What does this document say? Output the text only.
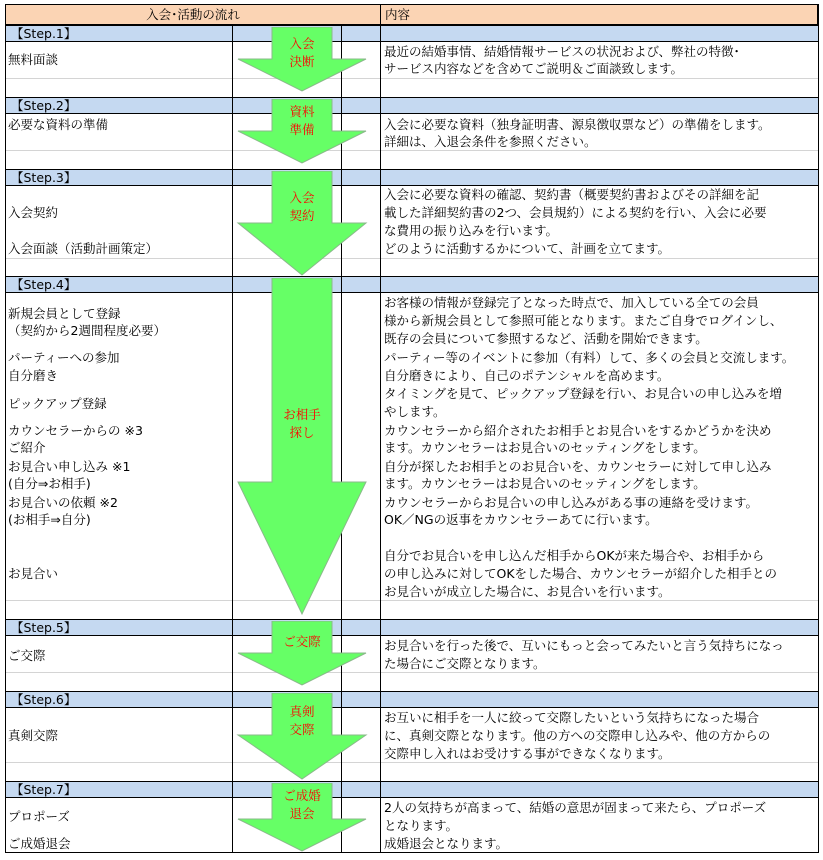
入会･活動の流れ	内容
【Step.1】
【Step.2】
【Step.3】
【Step.4】
【Step.5】
【Step.6】
【Step.7】
入会
決断
資料
準備
入会
契約
お相手
探し
ご交際
真剣
交際
ご成婚
退会
無料面談
必要な資料の準備
入会契約
入会面談（活動計画策定）
新規会員として登録
（契約から2週間程度必要）
パーティーへの参加
自分磨き
ピックアップ登録
カウンセラーからの ※3
ご紹介
お見合い申し込み ※1
(自分⇒お相手)
お見合いの依頼 ※2
(お相手⇒自分)
お見合い
ご交際
真剣交際
プロポーズ
ご成婚退会
最近の結婚事情、結婚情報サービスの状況および、弊社の特徴･
サービス内容などを含めてご説明＆ご面談致します。
入会に必要な資料（独身証明書、源泉徴収票など）の準備をします。
詳細は、入退会条件を参照ください。
入会に必要な資料の確認、契約書（概要契約書およびその詳細を記
載した詳細契約書の2つ、会員規約）による契約を行い、入会に必要
な費用の振り込みを行います。
どのように活動するかについて、計画を立てます。
お客様の情報が登録完了となった時点で、加入している全ての会員
様から新規会員として参照可能となります。またご自身でログインし、
既存の会員について参照するなど、活動を開始できます。
パーティー等のイベントに参加（有料）して、多くの会員と交流します。
自分磨きにより、自己のポテンシャルを高めます。
タイミングを見て、ピックアップ登録を行い、お見合いの申し込みを増
やします。
カウンセラーから紹介されたお相手とお見合いをするかどうかを決め
ます。カウンセラーはお見合いのセッティングをします。
自分が探したお相手とのお見合いを、カウンセラーに対して申し込み
ます。カウンセラーはお見合いのセッティングをします。
カウンセラーからお見合いの申し込みがある事の連絡を受けます。
OK／NGの返事をカウンセラーあてに行います。
自分でお見合いを申し込んだ相手からOKが来た場合や、お相手から
の申し込みに対してOKをした場合、カウンセラーが紹介した相手との
お見合いが成立した場合に、お見合いを行います。
お見合いを行った後で、互いにもっと会ってみたいと言う気持ちになっ
た場合にご交際となります。
お互いに相手を一人に絞って交際したいという気持ちになった場合
に、真剣交際となります。他の方への交際申し込みや、他の方からの
交際申し入れはお受けする事ができなくなります。
2人の気持ちが高まって、結婚の意思が固まって来たら、プロポーズ
となります。
成婚退会となります。
